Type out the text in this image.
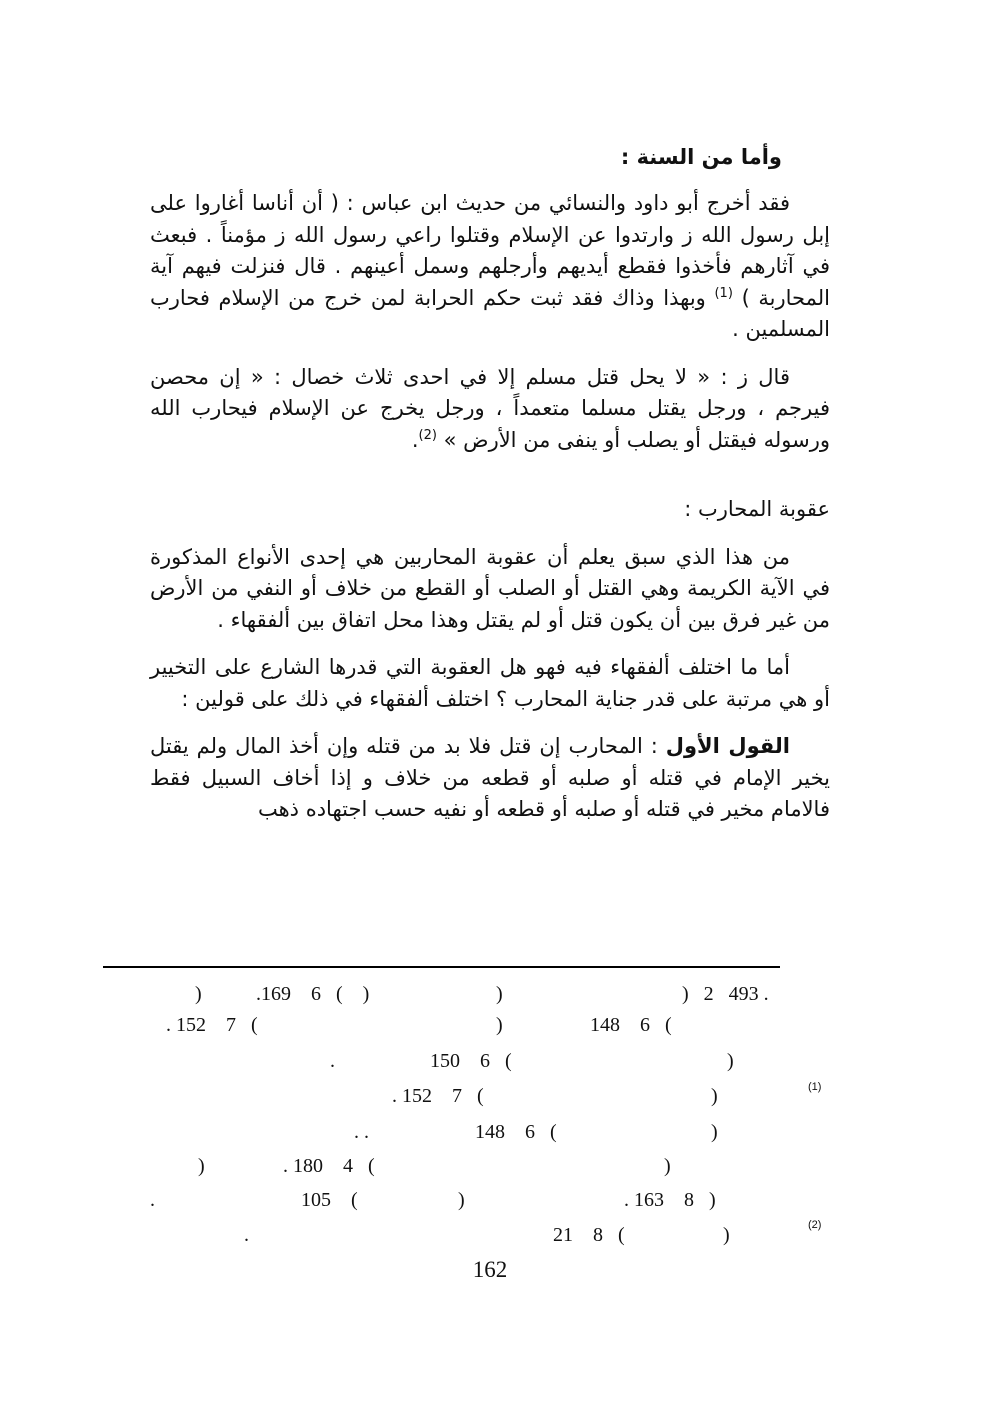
وأما من السنة :

فقد أخرج أبو داود والنسائي من حديث ابن عباس : ( أن أناسا أغاروا على إبل رسول الله ز وارتدوا عن الإسلام وقتلوا راعي رسول الله ز مؤمناً . فبعث في آثارهم فأخذوا فقطع أيديهم وأرجلهم وسمل أعينهم . قال فنزلت فيهم آية المحاربة ) $^{(1)}$ وبهذا وذاك فقد ثبت حكم الحرابة لمن خرج من الإسلام فحارب المسلمين .

قال ز : « لا يحل قتل مسلم إلا في احدى ثلاث خصال : « إن محصن فيرجم ، ورجل يقتل مسلما متعمداً ، ورجل يخرج عن الإسلام فيحارب الله ورسوله فيقتل أو يصلب أو ينفى من الأرض » $^{(2)}$.

عقوبة المحارب :

من هذا الذي سبق يعلم أن عقوبة المحاربين هي إحدى الأنواع المذكورة في الآية الكريمة وهي القتل أو الصلب أو القطع من خلاف أو النفي من الأرض من غير فرق بين أن يكون قتل أو لم يقتل وهذا محل اتفاق بين ألفقهاء .

أما ما اختلف ألفقهاء فيه فهو هل العقوبة التي قدرها الشارع على التخيير أو هي مرتبة على قدر جناية المحارب ؟ اختلف ألفقهاء في ذلك على قولين :

القول الأول : المحارب إن قتل فلا بد من قتله وإن أخذ المال ولم يقتل يخير الإمام في قتله أو صلبه أو قطعه من خلاف و إذا أخاف السبيل فقط فالامام مخير في قتله أو صلبه أو قطعه أو نفيه حسب اجتهاده ذهب

)   2   493 .
)
.169    6   (    )
)
148    6   (
)
. 152    7   (
)
150    6   (
.
)
. 152    7   (
)
148    6   (
. .
)
. 180    4   (
)
. 163    8   )
)
105    (
.
21    8   (	)
.
(1)
(2)
162
